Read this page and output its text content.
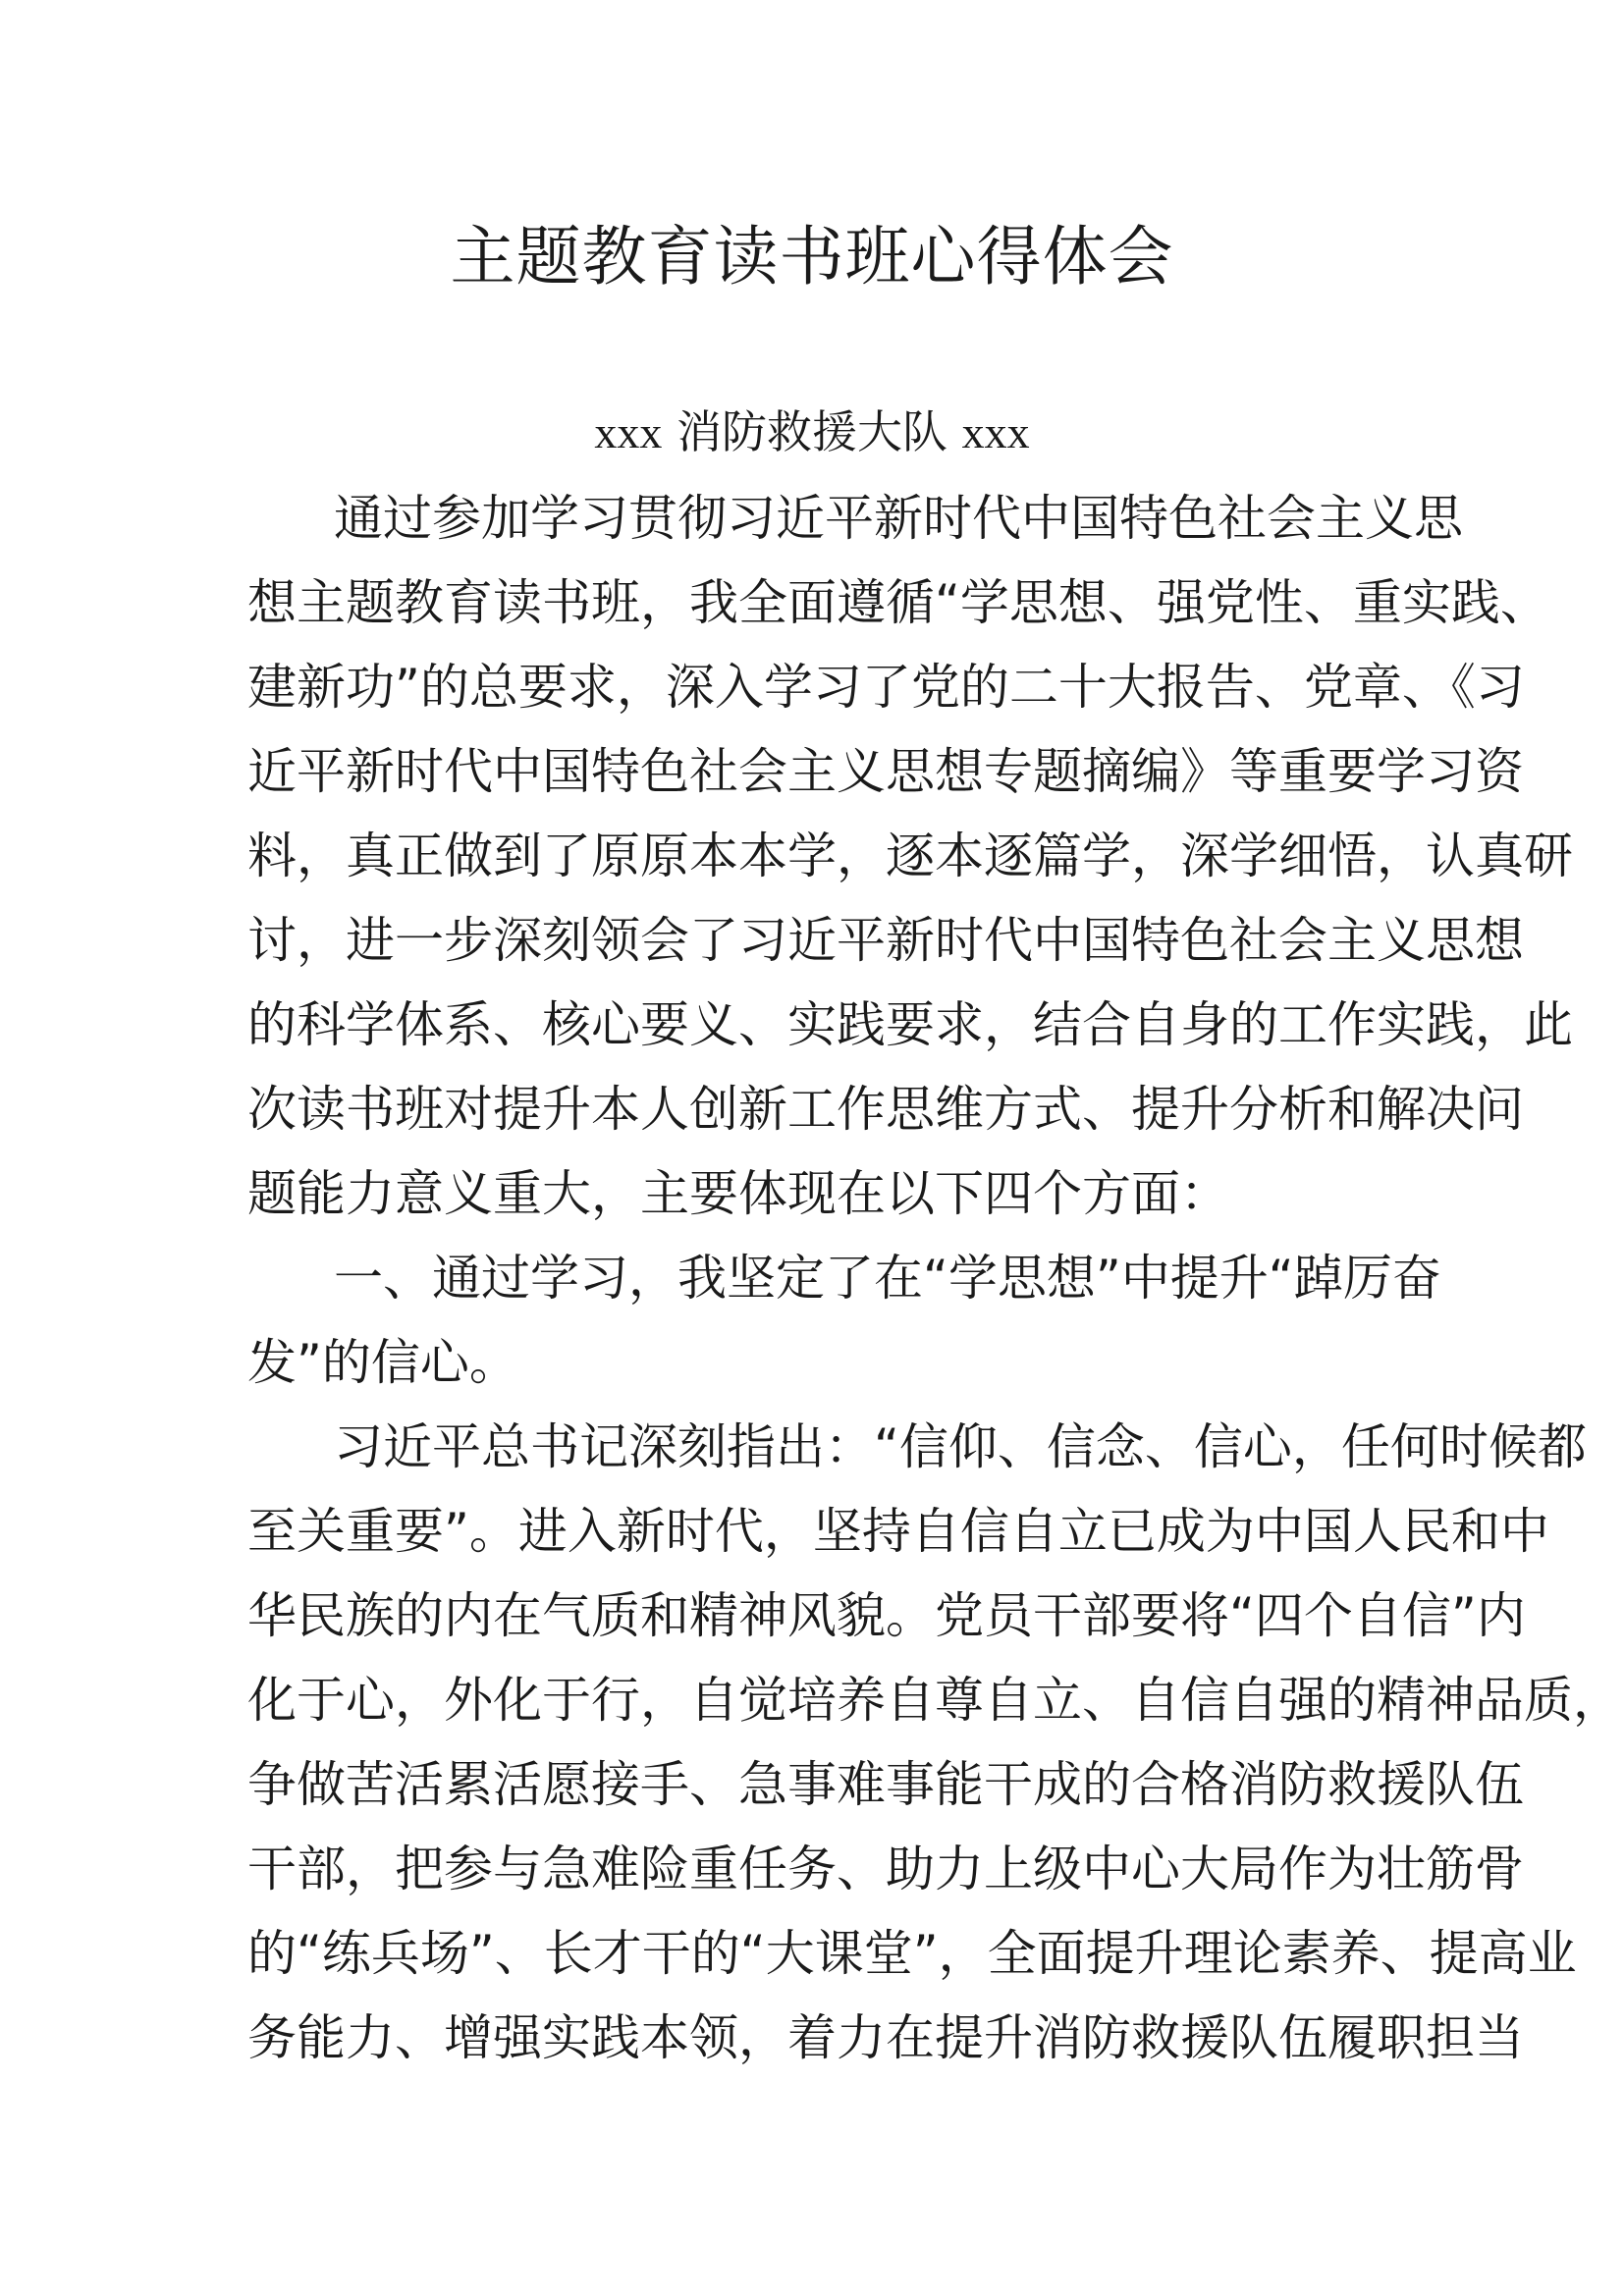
主题教育读书班心得体会
xxx 消防救援大队 xxx
通过参加学习贯彻习近平新时代中国特色社会主义思
想主题教育读书班，我全面遵循“学思想、强党性、重实践、
建新功”的总要求，深入学习了党的二十大报告、党章、《习
近平新时代中国特色社会主义思想专题摘编》等重要学习资
料，真正做到了原原本本学，逐本逐篇学，深学细悟，认真研
讨，进一步深刻领会了习近平新时代中国特色社会主义思想
的科学体系、核心要义、实践要求，结合自身的工作实践，此
次读书班对提升本人创新工作思维方式、提升分析和解决问
题能力意义重大，主要体现在以下四个方面：
一、通过学习，我坚定了在“学思想”中提升“踔厉奋
发”的信心。
习近平总书记深刻指出：“信仰、信念、信心，任何时候都
至关重要”。进入新时代，坚持自信自立已成为中国人民和中
华民族的内在气质和精神风貌。党员干部要将“四个自信”内
化于心，外化于行，自觉培养自尊自立、自信自强的精神品质，
争做苦活累活愿接手、急事难事能干成的合格消防救援队伍
干部，把参与急难险重任务、助力上级中心大局作为壮筋骨
的“练兵场”、长才干的“大课堂”，全面提升理论素养、提高业
务能力、增强实践本领，着力在提升消防救援队伍履职担当
